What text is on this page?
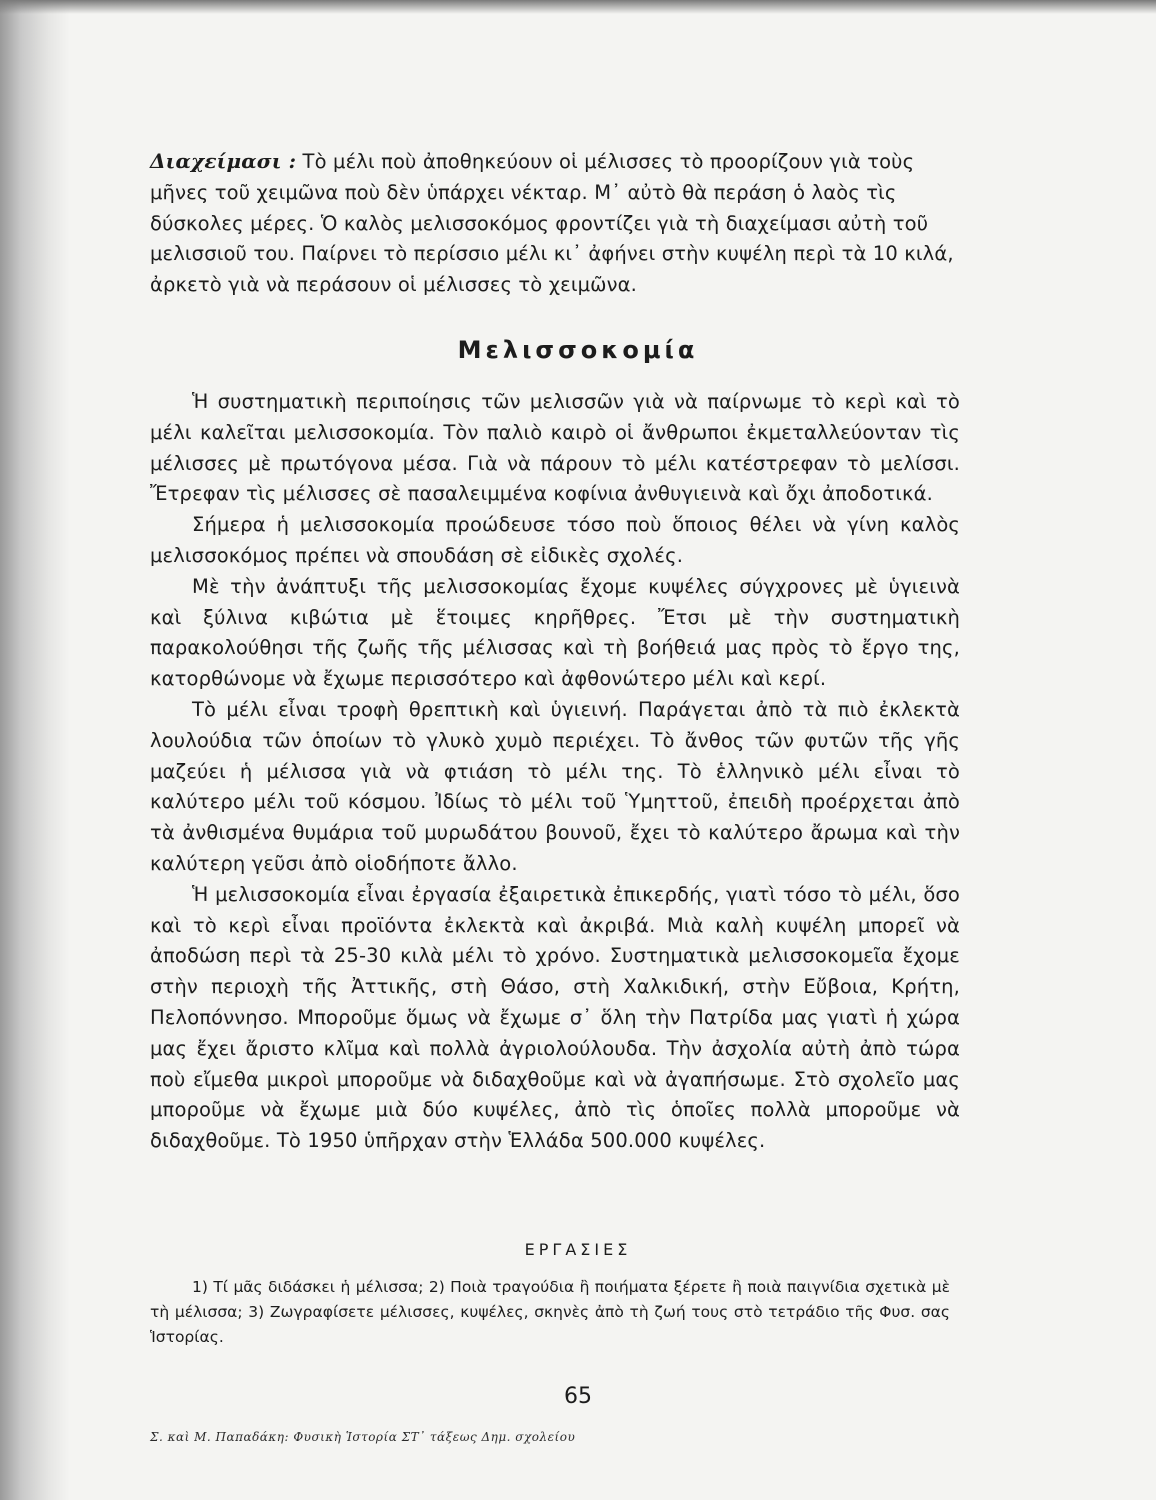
Διαχείμασι : Τὸ μέλι ποὺ ἀποθηκεύουν οἱ μέλισσες τὸ προορίζουν γιὰ τοὺς μῆνες τοῦ χειμῶνα ποὺ δὲν ὑπάρχει νέκταρ. Μ᾽ αὐτὸ θὰ περάση ὁ λαὸς τὶς δύσκολες μέρες. Ὁ καλὸς μελισσοκόμος φροντίζει γιὰ τὴ διαχείμασι αὐτὴ τοῦ μελισσιοῦ του. Παίρνει τὸ περίσσιο μέλι κι᾽ ἀφήνει στὴν κυψέλη περὶ τὰ 10 κιλά, ἀρκετὸ γιὰ νὰ περάσουν οἱ μέλισσες τὸ χειμῶνα.
Μελισσοκομία

Ἡ συστηματικὴ περιποίησις τῶν μελισσῶν γιὰ νὰ παίρνωμε τὸ κερὶ καὶ τὸ μέλι καλεῖται μελισσοκομία. Τὸν παλιὸ καιρὸ οἱ ἄνθρωποι ἐκμεταλλεύονταν τὶς μέλισσες μὲ πρωτόγονα μέσα. Γιὰ νὰ πάρουν τὸ μέλι κατέστρεφαν τὸ μελίσσι. Ἔτρεφαν τὶς μέλισσες σὲ πασαλειμμένα κοφίνια ἀνθυγιεινὰ καὶ ὄχι ἀποδοτικά.

Σήμερα ἡ μελισσοκομία προώδευσε τόσο ποὺ ὅποιος θέλει νὰ γίνη καλὸς μελισσοκόμος πρέπει νὰ σπουδάση σὲ εἰδικὲς σχολές.

Μὲ τὴν ἀνάπτυξι τῆς μελισσοκομίας ἔχομε κυψέλες σύγχρονες μὲ ὑγιεινὰ καὶ ξύλινα κιβώτια μὲ ἕτοιμες κηρῆθρες. Ἔτσι μὲ τὴν συστηματικὴ παρακολούθησι τῆς ζωῆς τῆς μέλισσας καὶ τὴ βοήθειά μας πρὸς τὸ ἔργο της, κατορθώνομε νὰ ἔχωμε περισσότερο καὶ ἀφθονώτερο μέλι καὶ κερί.

Τὸ μέλι εἶναι τροφὴ θρεπτικὴ καὶ ὑγιεινή. Παράγεται ἀπὸ τὰ πιὸ ἐκλεκτὰ λουλούδια τῶν ὁποίων τὸ γλυκὸ χυμὸ περιέχει. Τὸ ἄνθος τῶν φυτῶν τῆς γῆς μαζεύει ἡ μέλισσα γιὰ νὰ φτιάση τὸ μέλι της. Τὸ ἑλληνικὸ μέλι εἶναι τὸ καλύτερο μέλι τοῦ κόσμου. Ἰδίως τὸ μέλι τοῦ Ὑμηττοῦ, ἐπειδὴ προέρχεται ἀπὸ τὰ ἀνθισμένα θυμάρια τοῦ μυρωδάτου βουνοῦ, ἔχει τὸ καλύτερο ἄρωμα καὶ τὴν καλύτερη γεῦσι ἀπὸ οἱοδήποτε ἄλλο.

Ἡ μελισσοκομία εἶναι ἐργασία ἐξαιρετικὰ ἐπικερδής, γιατὶ τόσο τὸ μέλι, ὅσο καὶ τὸ κερὶ εἶναι προϊόντα ἐκλεκτὰ καὶ ἀκριβά. Μιὰ καλὴ κυψέλη μπορεῖ νὰ ἀποδώση περὶ τὰ 25-30 κιλὰ μέλι τὸ χρόνο. Συστηματικὰ μελισσοκομεῖα ἔχομε στὴν περιοχὴ τῆς Ἀττικῆς, στὴ Θάσο, στὴ Χαλκιδική, στὴν Εὔβοια, Κρήτη, Πελοπόννησο. Μποροῦμε ὅμως νὰ ἔχωμε σ᾽ ὅλη τὴν Πατρίδα μας γιατὶ ἡ χώρα μας ἔχει ἄριστο κλῖμα καὶ πολλὰ ἀγριολούλουδα. Τὴν ἀσχολία αὐτὴ ἀπὸ τώρα ποὺ εἴμεθα μικροὶ μποροῦμε νὰ διδαχθοῦμε καὶ νὰ ἀγαπήσωμε. Στὸ σχολεῖο μας μποροῦμε νὰ ἔχωμε μιὰ δύο κυψέλες, ἀπὸ τὶς ὁποῖες πολλὰ μποροῦμε νὰ διδαχθοῦμε. Τὸ 1950 ὑπῆρχαν στὴν Ἑλλάδα 500.000 κυψέλες.

ΕΡΓΑΣΙΕΣ

1) Τί μᾶς διδάσκει ἡ μέλισσα; 2) Ποιὰ τραγούδια ἢ ποιήματα ξέρετε ἢ ποιὰ παιγνίδια σχετικὰ μὲ τὴ μέλισσα; 3) Ζωγραφίσετε μέλισσες, κυψέλες, σκηνὲς ἀπὸ τὴ ζωή τους στὸ τετράδιο τῆς Φυσ. σας Ἱστορίας.

65
Σ. καὶ Μ. Παπαδάκη: Φυσικὴ Ἱστορία ΣΤ᾽ τάξεως Δημ. σχολείου
